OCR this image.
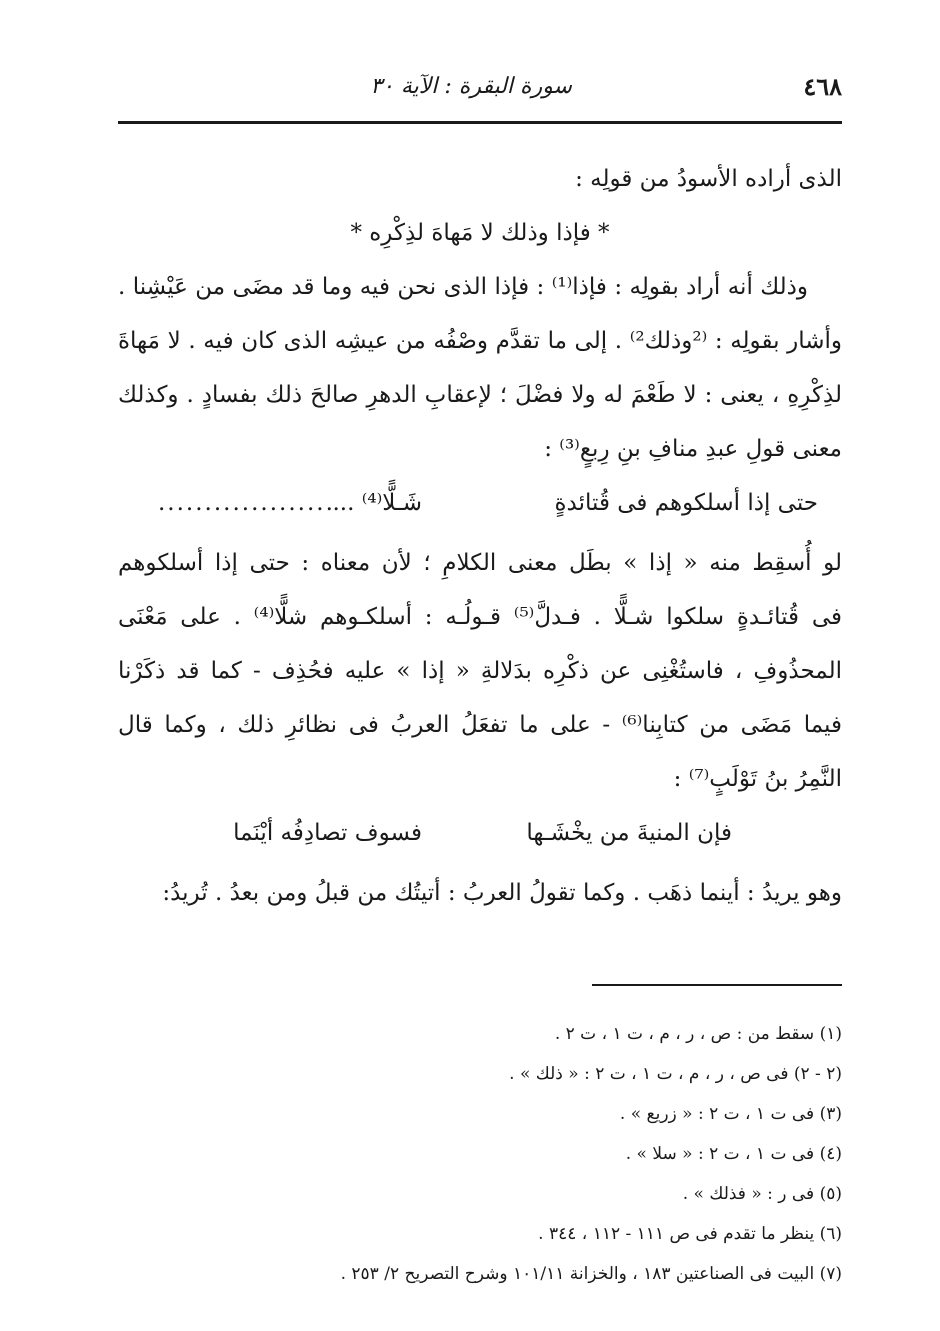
٤٦٨
سورة البقرة : الآية ٣٠
الذى أراده الأسودُ من قولِه :
* فإذا وذلك لا مَهاهَ لذِكْرِه *
وذلك أنه أراد بقولِه : فإذا⁽¹⁾ : فإذا الذى نحن فيه وما قد مضَى من عَيْشِنا .
وأشار بقولِه : ⁽²وذلك²⁾ . إلى ما تقدَّم وصْفُه من عيشِه الذى كان فيه . لا مَهاةَ
لذِكْرِهِ ، يعنى : لا طَعْمَ له ولا فضْلَ ؛ لإعقابِ الدهرِ صالحَ ذلك بفسادٍ . وكذلك
معنى قولِ عبدِ منافِ بنِ رِبعٍ⁽³⁾ :
حتى إذا أسلكوهم فى قُتائدةٍ
شَـلًّا⁽⁴⁾ ...
...................
لو أُسقِط منه « إذا » بطَل معنى الكلامِ ؛ لأن معناه : حتى إذا أسلكوهم
فى قُتائـدةٍ سلكوا شـلًّا . فـدلَّ⁽⁵⁾ قـولُـه : أسلكـوهم شلًّا⁽⁴⁾ . على مَعْنَى
المحذُوفِ ، فاستُغْنِى عن ذكْرِه بدَلالةِ « إذا » عليه فحُذِف - كما قد ذكَرْنا
فيما مَضَى من كتابِنا⁽⁶⁾ - على ما تفعَلُ العربُ فى نظائرِ ذلك ، وكما قال
النَّمِرُ بنُ تَوْلَبٍ⁽⁷⁾ :
فإن المنيةَ من يخْشَـها
فسوف تصادِفُه أيْنَما
وهو يريدُ : أينما ذهَب . وكما تقولُ العربُ : أتيتُك من قبلُ ومن بعدُ . تُريدُ:
(١) سقط من : ص ، ر ، م ، ت ١ ، ت ٢ .
(٢ - ٢) فى ص ، ر ، م ، ت ١ ، ت ٢ : « ذلك » .
(٣) فى ت ١ ، ت ٢ : « زريع » .
(٤) فى ت ١ ، ت ٢ : « سلا » .
(٥) فى ر : « فذلك » .
(٦) ينظر ما تقدم فى ص ١١١ - ١١٢ ، ٣٤٤ .
(٧) البيت فى الصناعتين ١٨٣ ، والخزانة ١٠١/١١ وشرح التصريح ٢/ ٢٥٣ .
